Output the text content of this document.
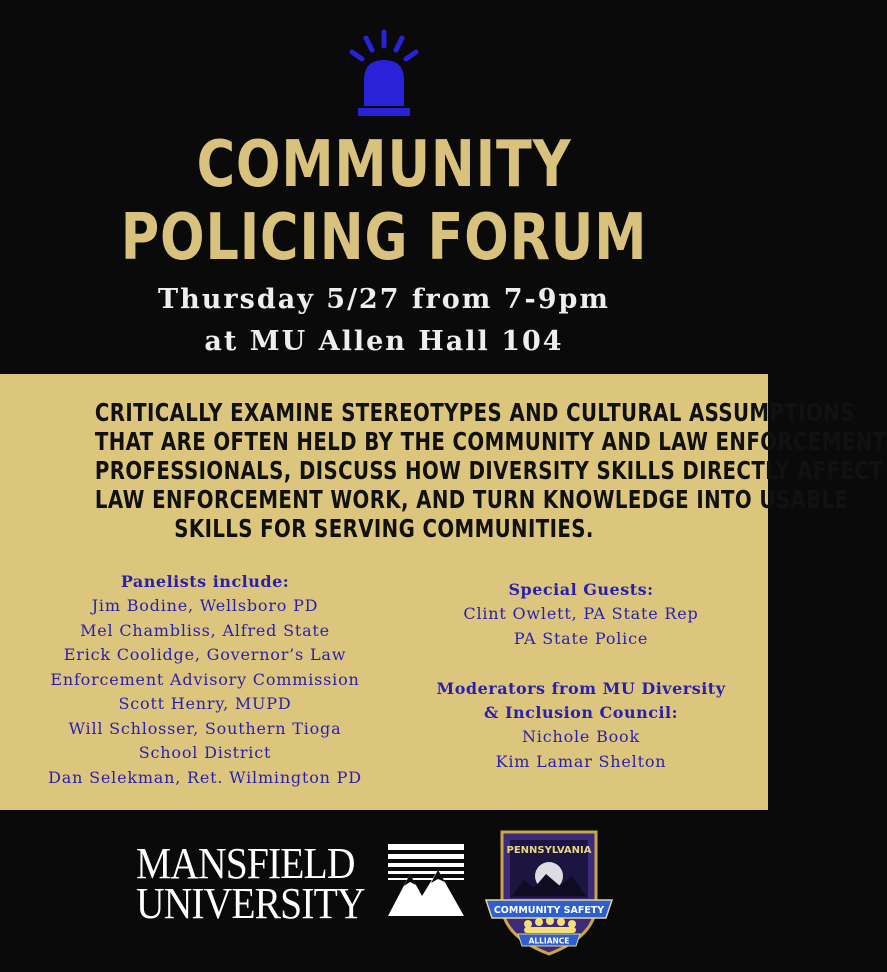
COMMUNITY
POLICING FORUM
Thursday 5/27 from 7-9pm
at MU Allen Hall 104
CRITICALLY EXAMINE STEREOTYPES AND CULTURAL ASSUMPTIONS
THAT ARE OFTEN HELD BY THE COMMUNITY AND LAW ENFORCEMENT
PROFESSIONALS, DISCUSS HOW DIVERSITY SKILLS DIRECTLY AFFECT
LAW ENFORCEMENT WORK, AND TURN KNOWLEDGE INTO USABLE
SKILLS FOR SERVING COMMUNITIES.
Panelists include:
Jim Bodine, Wellsboro PD
Mel Chambliss, Alfred State
Erick Coolidge, Governor’s Law
Enforcement Advisory Commission
Scott Henry, MUPD
Will Schlosser, Southern Tioga
School District
Dan Selekman, Ret. Wilmington PD
Special Guests:
Clint Owlett, PA State Rep
PA State Police
Moderators from MU Diversity
& Inclusion Council:
Nichole Book
Kim Lamar Shelton
MANSFIELD
UNIVERSITY
PENNSYLVANIA
COMMUNITY SAFETY
ALLIANCE
